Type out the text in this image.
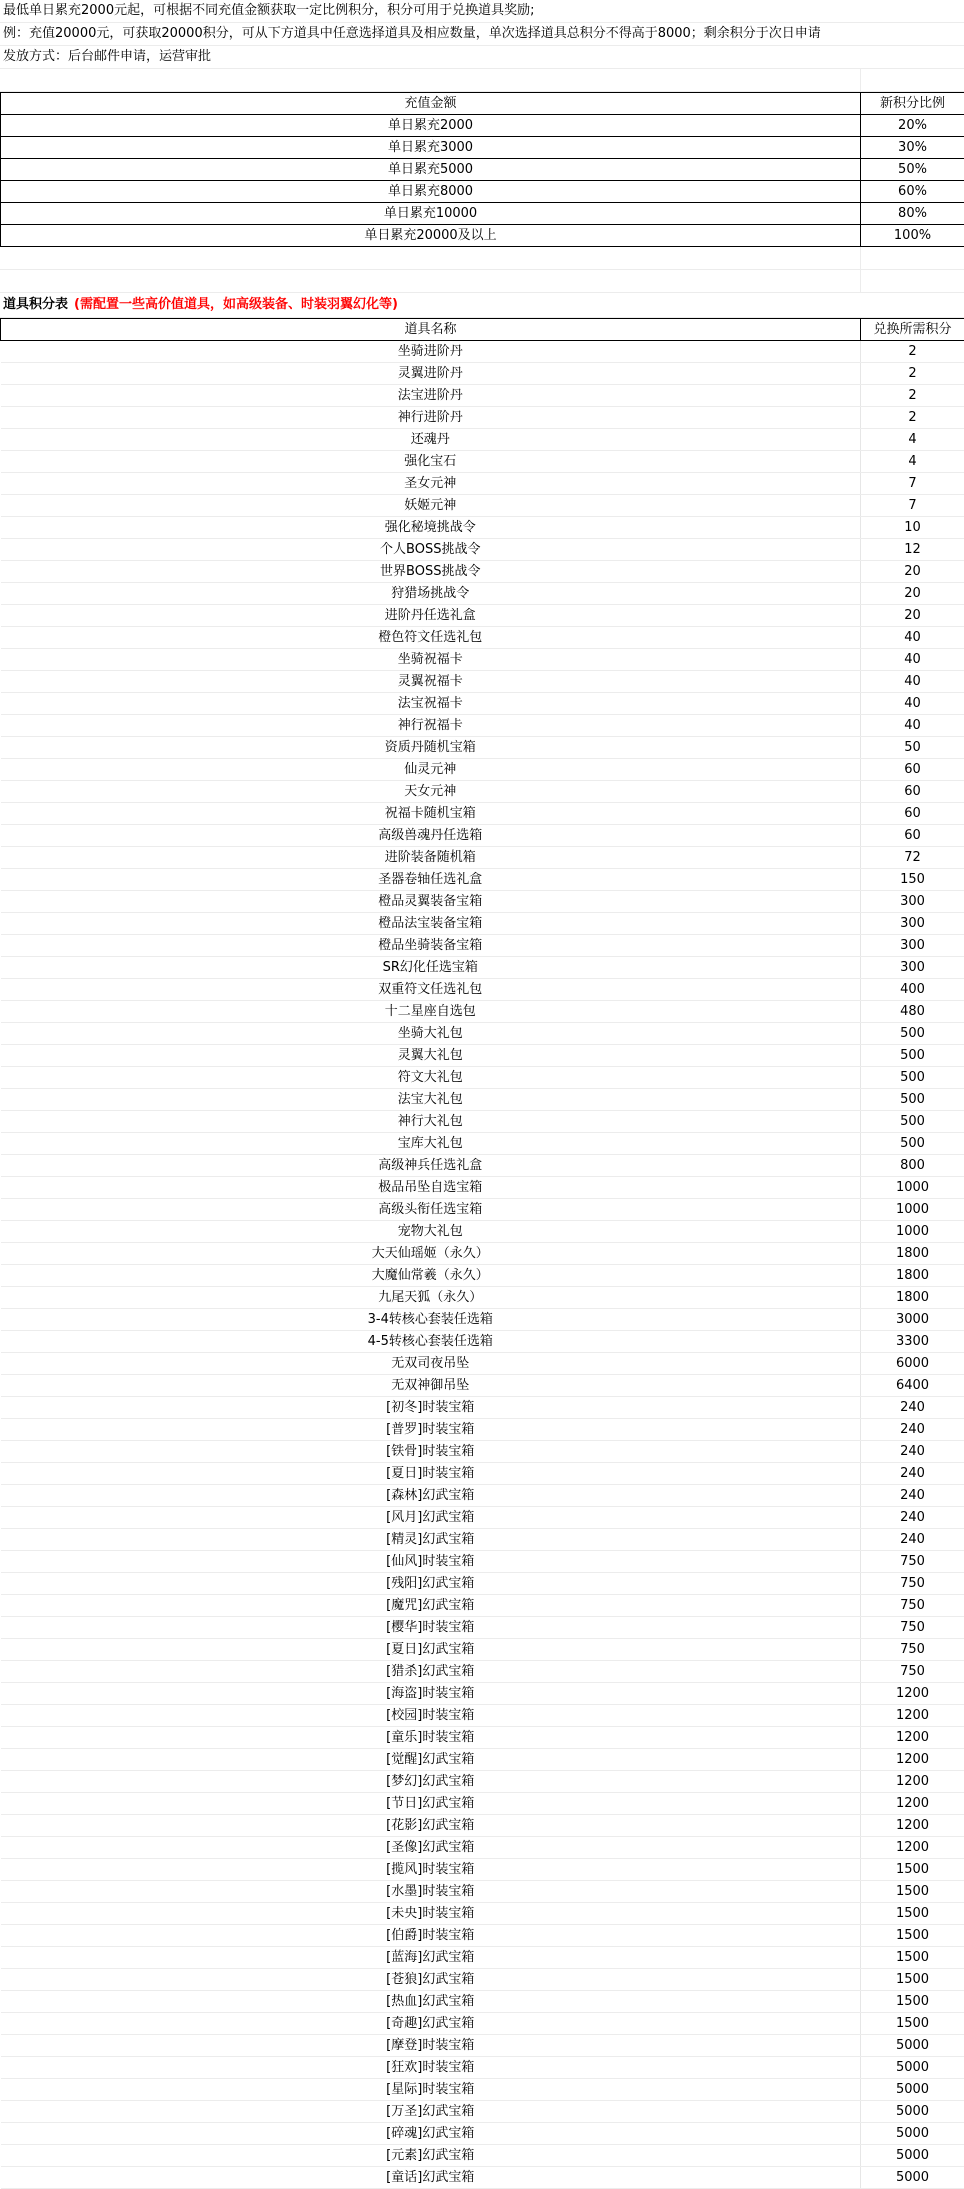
最低单日累充2000元起，可根据不同充值金额获取一定比例积分，积分可用于兑换道具奖励;
例：充值20000元，可获取20000积分，可从下方道具中任意选择道具及相应数量，单次选择道具总积分不得高于8000；剩余积分于次日申请
发放方式：后台邮件申请，运营审批
充值金额	新积分比例
单日累充2000	20%
单日累充3000	30%
单日累充5000	50%
单日累充8000	60%
单日累充10000	80%
单日累充20000及以上	100%
道具积分表 (需配置一些高价值道具，如高级装备、时装羽翼幻化等)
道具名称	兑换所需积分
坐骑进阶丹	2
灵翼进阶丹	2
法宝进阶丹	2
神行进阶丹	2
还魂丹	4
强化宝石	4
圣女元神	7
妖姬元神	7
强化秘境挑战令	10
个人BOSS挑战令	12
世界BOSS挑战令	20
狩猎场挑战令	20
进阶丹任选礼盒	20
橙色符文任选礼包	40
坐骑祝福卡	40
灵翼祝福卡	40
法宝祝福卡	40
神行祝福卡	40
资质丹随机宝箱	50
仙灵元神	60
天女元神	60
祝福卡随机宝箱	60
高级兽魂丹任选箱	60
进阶装备随机箱	72
圣器卷轴任选礼盒	150
橙品灵翼装备宝箱	300
橙品法宝装备宝箱	300
橙品坐骑装备宝箱	300
SR幻化任选宝箱	300
双重符文任选礼包	400
十二星座自选包	480
坐骑大礼包	500
灵翼大礼包	500
符文大礼包	500
法宝大礼包	500
神行大礼包	500
宝库大礼包	500
高级神兵任选礼盒	800
极品吊坠自选宝箱	1000
高级头衔任选宝箱	1000
宠物大礼包	1000
大天仙瑶姬（永久）	1800
大魔仙常羲（永久）	1800
九尾天狐（永久）	1800
3-4转核心套装任选箱	3000
4-5转核心套装任选箱	3300
无双司夜吊坠	6000
无双神御吊坠	6400
[初冬]时装宝箱	240
[普罗]时装宝箱	240
[铁骨]时装宝箱	240
[夏日]时装宝箱	240
[森林]幻武宝箱	240
[风月]幻武宝箱	240
[精灵]幻武宝箱	240
[仙风]时装宝箱	750
[残阳]幻武宝箱	750
[魔咒]幻武宝箱	750
[樱华]时装宝箱	750
[夏日]幻武宝箱	750
[猎杀]幻武宝箱	750
[海盗]时装宝箱	1200
[校园]时装宝箱	1200
[童乐]时装宝箱	1200
[觉醒]幻武宝箱	1200
[梦幻]幻武宝箱	1200
[节日]幻武宝箱	1200
[花影]幻武宝箱	1200
[圣像]幻武宝箱	1200
[揽风]时装宝箱	1500
[水墨]时装宝箱	1500
[未央]时装宝箱	1500
[伯爵]时装宝箱	1500
[蓝海]幻武宝箱	1500
[苍狼]幻武宝箱	1500
[热血]幻武宝箱	1500
[奇趣]幻武宝箱	1500
[摩登]时装宝箱	5000
[狂欢]时装宝箱	5000
[星际]时装宝箱	5000
[万圣]幻武宝箱	5000
[碎魂]幻武宝箱	5000
[元素]幻武宝箱	5000
[童话]幻武宝箱	5000
